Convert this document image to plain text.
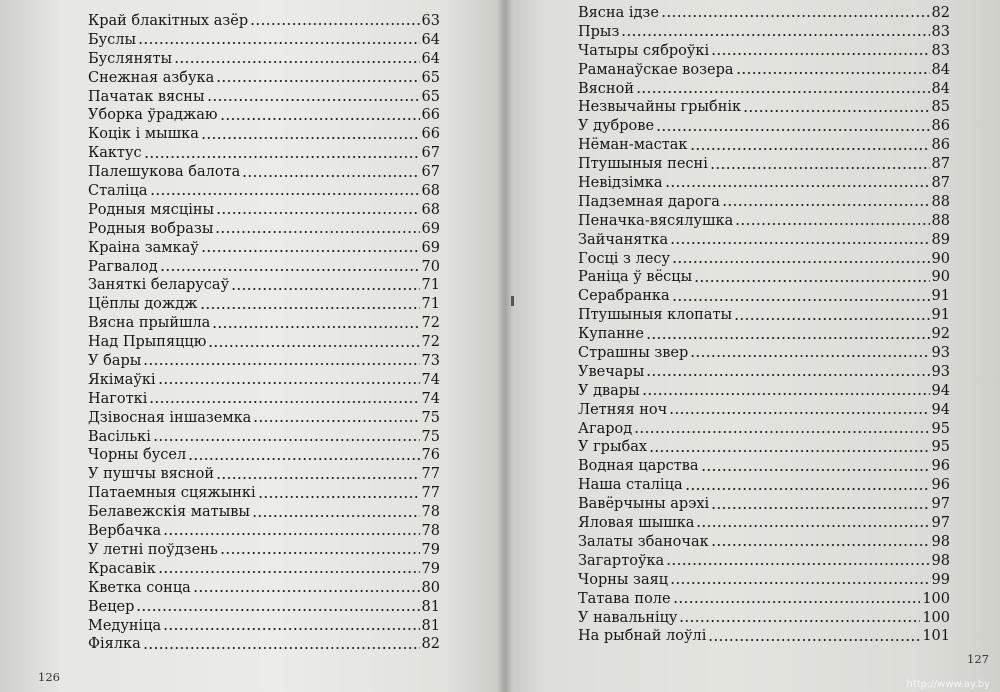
Край блакітных азёр	63
Буслы	64
Бусляняты	64
Снежная азбука	65
Пачатак вясны	65
Уборка ўраджаю	66
Коцік і мышка	66
Кактус	67
Палешукова балота	67
Сталіца	68
Родныя мясціны	68
Родныя вобразы	69
Краіна замкаў	69
Рагвалод	70
Заняткі беларусаў	71
Цёплы дождж	71
Вясна прыйшла	72
Над Прыпяццю	72
У бары	73
Якімаўкі	74
Наготкі	74
Дзівосная іншаземка	75
Васількі	75
Чорны бусел	76
У пушчы вясной	77
Патаемныя сцяжынкі	77
Белавежскія матывы	78
Вербачка	78
У летні поўдзень	79
Красавік	79
Кветка сонца	80
Вецер	81
Медуніца	81
Фіялка	82
Вясна ідзе	82
Прыз	83
Чатыры сяброўкі	83
Раманаўскае возера	84
Вясной	84
Незвычайны грыбнік	85
У дуброве	86
Нёман-мастак	86
Птушыныя песні	87
Невідзімка	87
Падземная дарога	88
Пеначка-вясялушка	88
Зайчанятка	89
Госці з лесу	90
Раніца ў вёсцы	90
Серабранка	91
Птушыныя клопаты	91
Купанне	92
Страшны звер	93
Увечары	93
У двары	94
Летняя ноч	94
Агарод	95
У грыбах	95
Водная царства	96
Наша сталіца	96
Вавёрчыны арэхі	97
Яловая шышка	97
Залаты збаночак	98
Загартоўка	98
Чорны заяц	99
Татава поле	100
У навальніцу	100
На рыбнай лоўлі	101
126
127
http://www.ay.by
